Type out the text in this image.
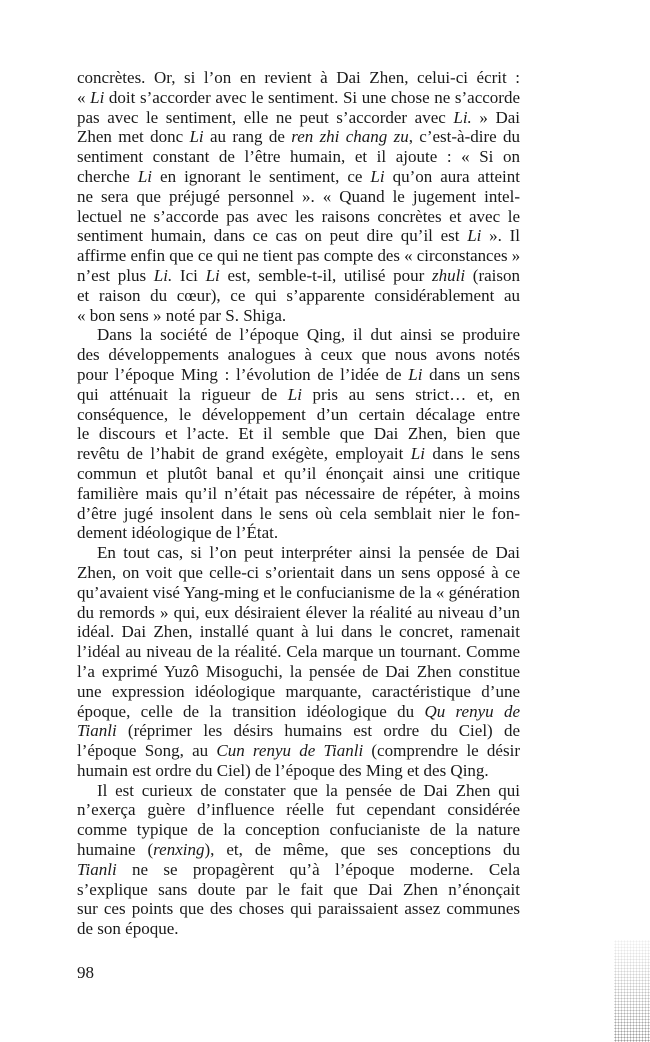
concrètes. Or, si l’on en revient à Dai Zhen, celui-ci écrit :
« Li doit s’accorder avec le sentiment. Si une chose ne s’accorde
pas avec le sentiment, elle ne peut s’accorder avec Li. » Dai
Zhen met donc Li au rang de ren zhi chang zu, c’est-à-dire du
sentiment constant de l’être humain, et il ajoute : « Si on
cherche Li en ignorant le sentiment, ce Li qu’on aura atteint
ne sera que préjugé personnel ». « Quand le jugement intel-
lectuel ne s’accorde pas avec les raisons concrètes et avec le
sentiment humain, dans ce cas on peut dire qu’il est Li ». Il
affirme enfin que ce qui ne tient pas compte des « circonstances »
n’est plus Li. Ici Li est, semble-t-il, utilisé pour zhuli (raison
et raison du cœur), ce qui s’apparente considérablement au
« bon sens » noté par S. Shiga.
Dans la société de l’époque Qing, il dut ainsi se produire
des développements analogues à ceux que nous avons notés
pour l’époque Ming : l’évolution de l’idée de Li dans un sens
qui atténuait la rigueur de Li pris au sens strict… et, en
conséquence, le développement d’un certain décalage entre
le discours et l’acte. Et il semble que Dai Zhen, bien que
revêtu de l’habit de grand exégète, employait Li dans le sens
commun et plutôt banal et qu’il énonçait ainsi une critique
familière mais qu’il n’était pas nécessaire de répéter, à moins
d’être jugé insolent dans le sens où cela semblait nier le fon-
dement idéologique de l’État.
En tout cas, si l’on peut interpréter ainsi la pensée de Dai
Zhen, on voit que celle-ci s’orientait dans un sens opposé à ce
qu’avaient visé Yang-ming et le confucianisme de la « génération
du remords » qui, eux désiraient élever la réalité au niveau d’un
idéal. Dai Zhen, installé quant à lui dans le concret, ramenait
l’idéal au niveau de la réalité. Cela marque un tournant. Comme
l’a exprimé Yuzô Misoguchi, la pensée de Dai Zhen constitue
une expression idéologique marquante, caractéristique d’une
époque, celle de la transition idéologique du Qu renyu de
Tianli (réprimer les désirs humains est ordre du Ciel) de
l’époque Song, au Cun renyu de Tianli (comprendre le désir
humain est ordre du Ciel) de l’époque des Ming et des Qing.
Il est curieux de constater que la pensée de Dai Zhen qui
n’exerça guère d’influence réelle fut cependant considérée
comme typique de la conception confucianiste de la nature
humaine (renxing), et, de même, que ses conceptions du
Tianli ne se propagèrent qu’à l’époque moderne. Cela
s’explique sans doute par le fait que Dai Zhen n’énonçait
sur ces points que des choses qui paraissaient assez communes
de son époque.
98
